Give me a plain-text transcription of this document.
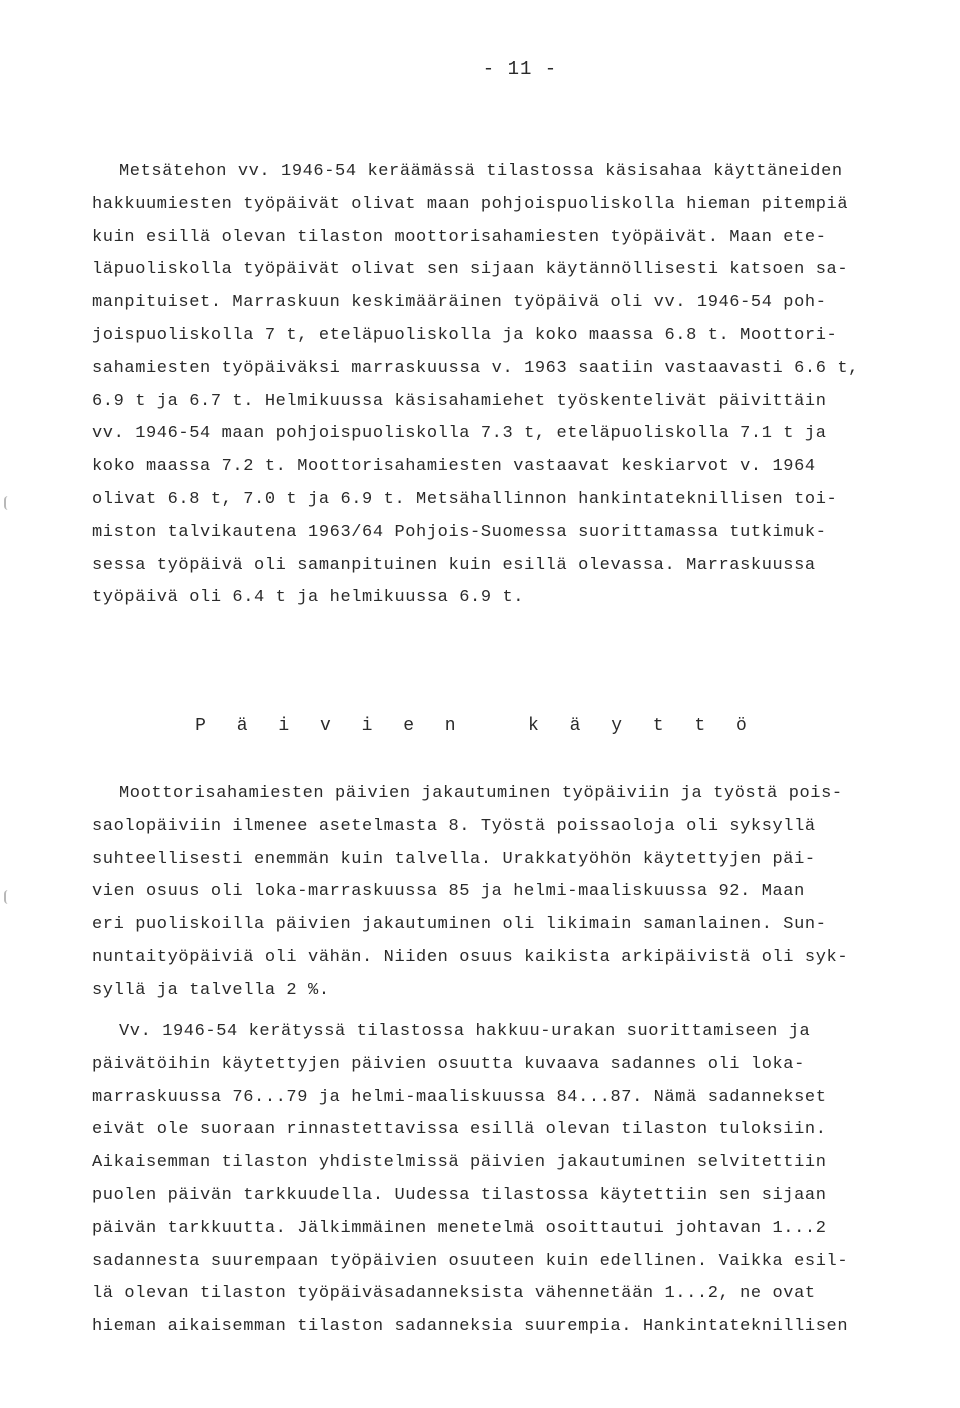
- 11 -
Metsätehon vv. 1946-54 keräämässä tilastossa käsisahaa käyttäneiden
hakkuumiesten työpäivät olivat maan pohjoispuoliskolla hieman pitempiä
kuin esillä olevan tilaston moottorisahamiesten työpäivät. Maan ete-
läpuoliskolla työpäivät olivat sen sijaan käytännöllisesti katsoen sa-
manpituiset. Marraskuun keskimääräinen työpäivä oli vv. 1946-54 poh-
joispuoliskolla 7 t, eteläpuoliskolla ja koko maassa 6.8 t. Moottori-
sahamiesten työpäiväksi marraskuussa v. 1963 saatiin vastaavasti 6.6 t,
6.9 t ja 6.7 t. Helmikuussa käsisahamiehet työskentelivät päivittäin
vv. 1946-54 maan pohjoispuoliskolla 7.3 t, eteläpuoliskolla 7.1 t ja
koko maassa 7.2 t. Moottorisahamiesten vastaavat keskiarvot v. 1964
olivat 6.8 t, 7.0 t ja 6.9 t. Metsähallinnon hankintateknillisen toi-
miston talvikautena 1963/64 Pohjois-Suomessa suorittamassa tutkimuk-
sessa työpäivä oli samanpituinen kuin esillä olevassa. Marraskuussa
työpäivä oli 6.4 t ja helmikuussa 6.9 t.
P ä i v i e n   k ä y t t ö
Moottorisahamiesten päivien jakautuminen työpäiviin ja työstä pois-
saolopäiviin ilmenee asetelmasta 8. Työstä poissaoloja oli syksyllä
suhteellisesti enemmän kuin talvella. Urakkatyöhön käytettyjen päi-
vien osuus oli loka-marraskuussa 85 ja helmi-maaliskuussa 92. Maan
eri puoliskoilla päivien jakautuminen oli likimain samanlainen. Sun-
nuntaityöpäiviä oli vähän. Niiden osuus kaikista arkipäivistä oli syk-
syllä ja talvella 2 %.
Vv. 1946-54 kerätyssä tilastossa hakkuu-urakan suorittamiseen ja
päivätöihin käytettyjen päivien osuutta kuvaava sadannes oli loka-
marraskuussa 76...79 ja helmi-maaliskuussa 84...87. Nämä sadannekset
eivät ole suoraan rinnastettavissa esillä olevan tilaston tuloksiin.
Aikaisemman tilaston yhdistelmissä päivien jakautuminen selvitettiin
puolen päivän tarkkuudella. Uudessa tilastossa käytettiin sen sijaan
päivän tarkkuutta. Jälkimmäinen menetelmä osoittautui johtavan 1...2
sadannesta suurempaan työpäivien osuuteen kuin edellinen. Vaikka esil-
lä olevan tilaston työpäiväsadanneksista vähennetään 1...2, ne ovat
hieman aikaisemman tilaston sadanneksia suurempia. Hankintateknillisen
